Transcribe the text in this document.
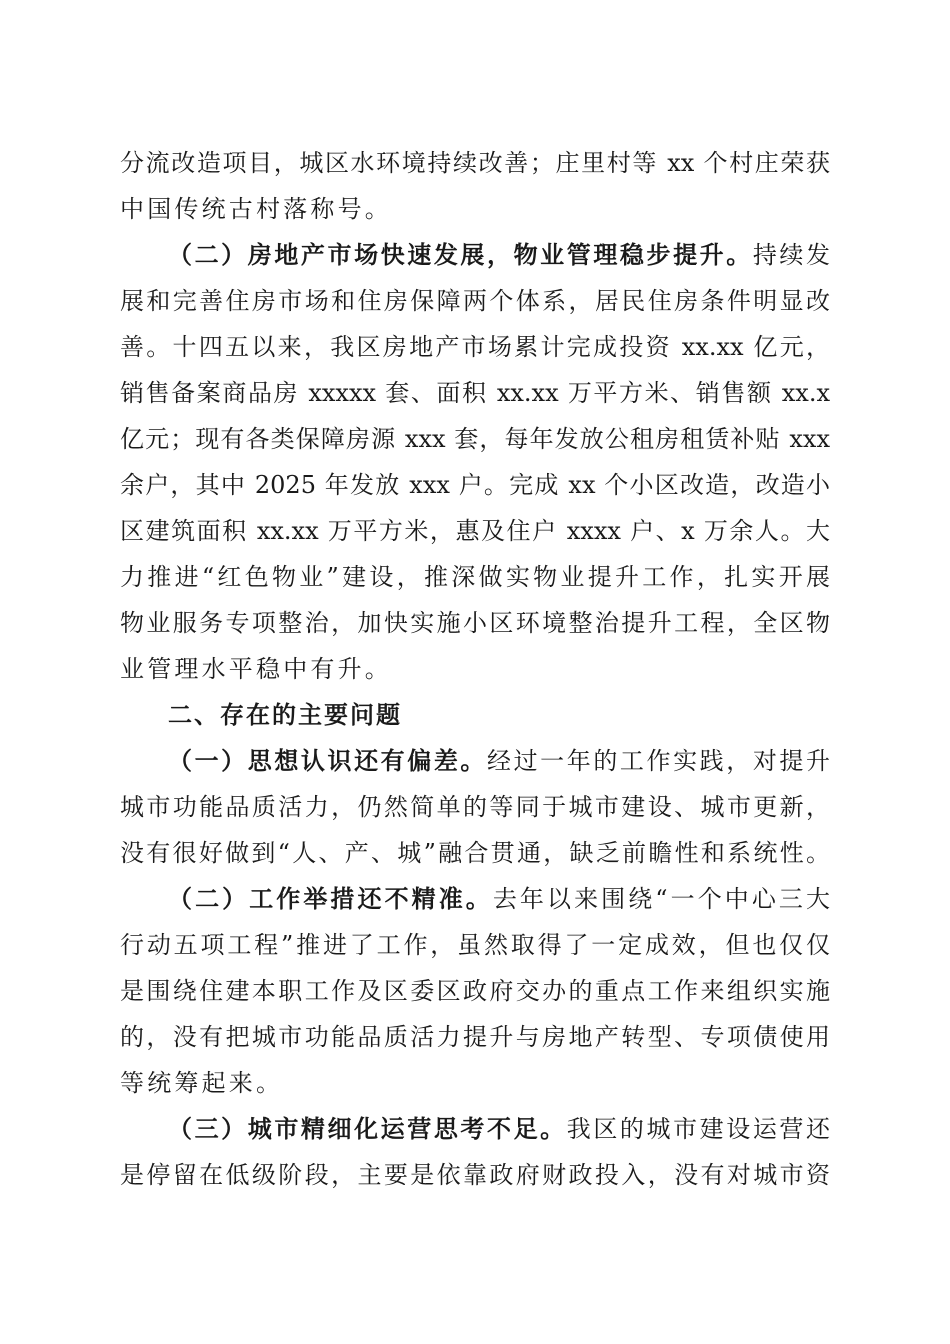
分流改造项目，城区水环境持续改善；庄里村等 xx 个村庄荣获
中国传统古村落称号。
（二）房地产市场快速发展，物业管理稳步提升。持续发
展和完善住房市场和住房保障两个体系，居民住房条件明显改
善。十四五以来，我区房地产市场累计完成投资 xx.xx 亿元，
销售备案商品房 xxxxx 套、面积 xx.xx 万平方米、销售额 xx.x
亿元；现有各类保障房源 xxx 套，每年发放公租房租赁补贴 xxx
余户，其中 2025 年发放 xxx 户。完成 xx 个小区改造，改造小
区建筑面积 xx.xx 万平方米，惠及住户 xxxx 户、x 万余人。大
力推进“红色物业”建设，推深做实物业提升工作，扎实开展
物业服务专项整治，加快实施小区环境整治提升工程，全区物
业管理水平稳中有升。
二、存在的主要问题
（一）思想认识还有偏差。经过一年的工作实践，对提升
城市功能品质活力，仍然简单的等同于城市建设、城市更新，
没有很好做到“人、产、城”融合贯通，缺乏前瞻性和系统性。
（二）工作举措还不精准。去年以来围绕“一个中心三大
行动五项工程”推进了工作，虽然取得了一定成效，但也仅仅
是围绕住建本职工作及区委区政府交办的重点工作来组织实施
的，没有把城市功能品质活力提升与房地产转型、专项债使用
等统筹起来。
（三）城市精细化运营思考不足。我区的城市建设运营还
是停留在低级阶段，主要是依靠政府财政投入，没有对城市资
